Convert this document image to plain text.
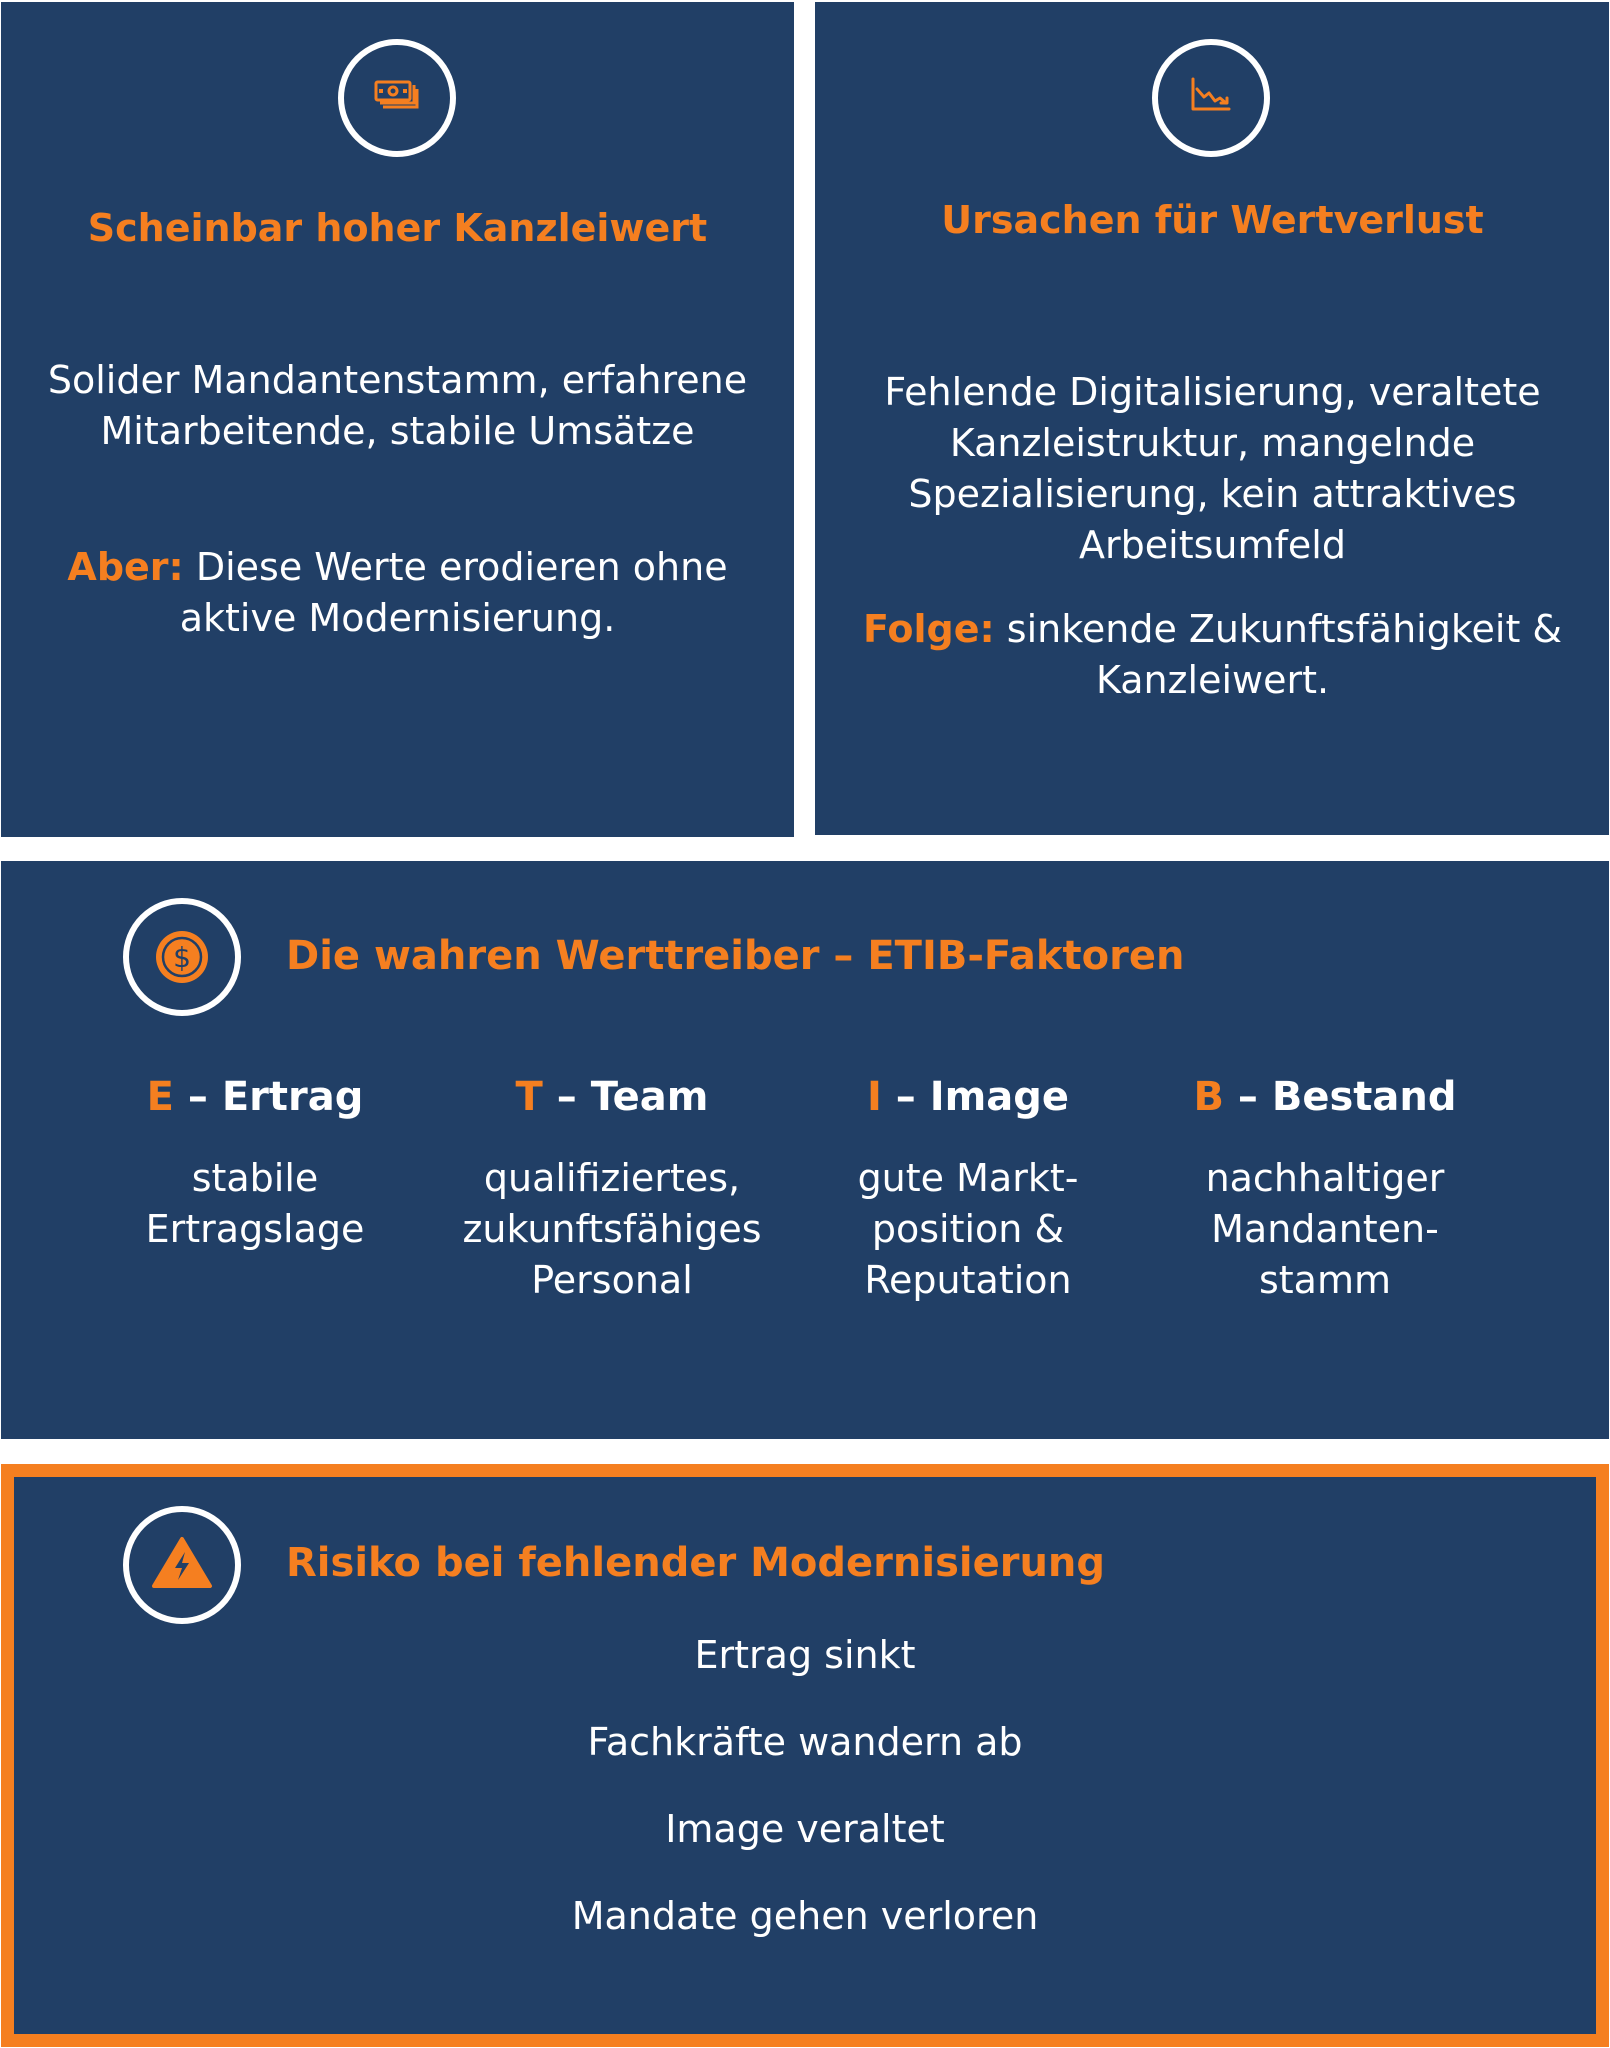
Scheinbar hoher Kanzleiwert
Solider Mandantenstamm, erfahrene Mitarbeitende, stabile Umsätze
Aber: Diese Werte erodieren ohne aktive Modernisierung.
Ursachen für Wertverlust
Fehlende Digitalisierung, veraltete Kanzleistruktur, mangelnde Spezialisierung, kein attraktives Arbeitsumfeld
Folge: sinkende Zukunftsfähigkeit & Kanzleiwert.
$ Die wahren Werttreiber – ETIB-Faktoren
E – Ertrag
stabile Ertragslage
T – Team
qualifiziertes, zukunftsfähiges Personal
I – Image
gute Markt-position & Reputation
B – Bestand
nachhaltiger Mandanten-stamm
Risiko bei fehlender Modernisierung
Ertrag sinkt
Fachkräfte wandern ab
Image veraltet
Mandate gehen verloren
